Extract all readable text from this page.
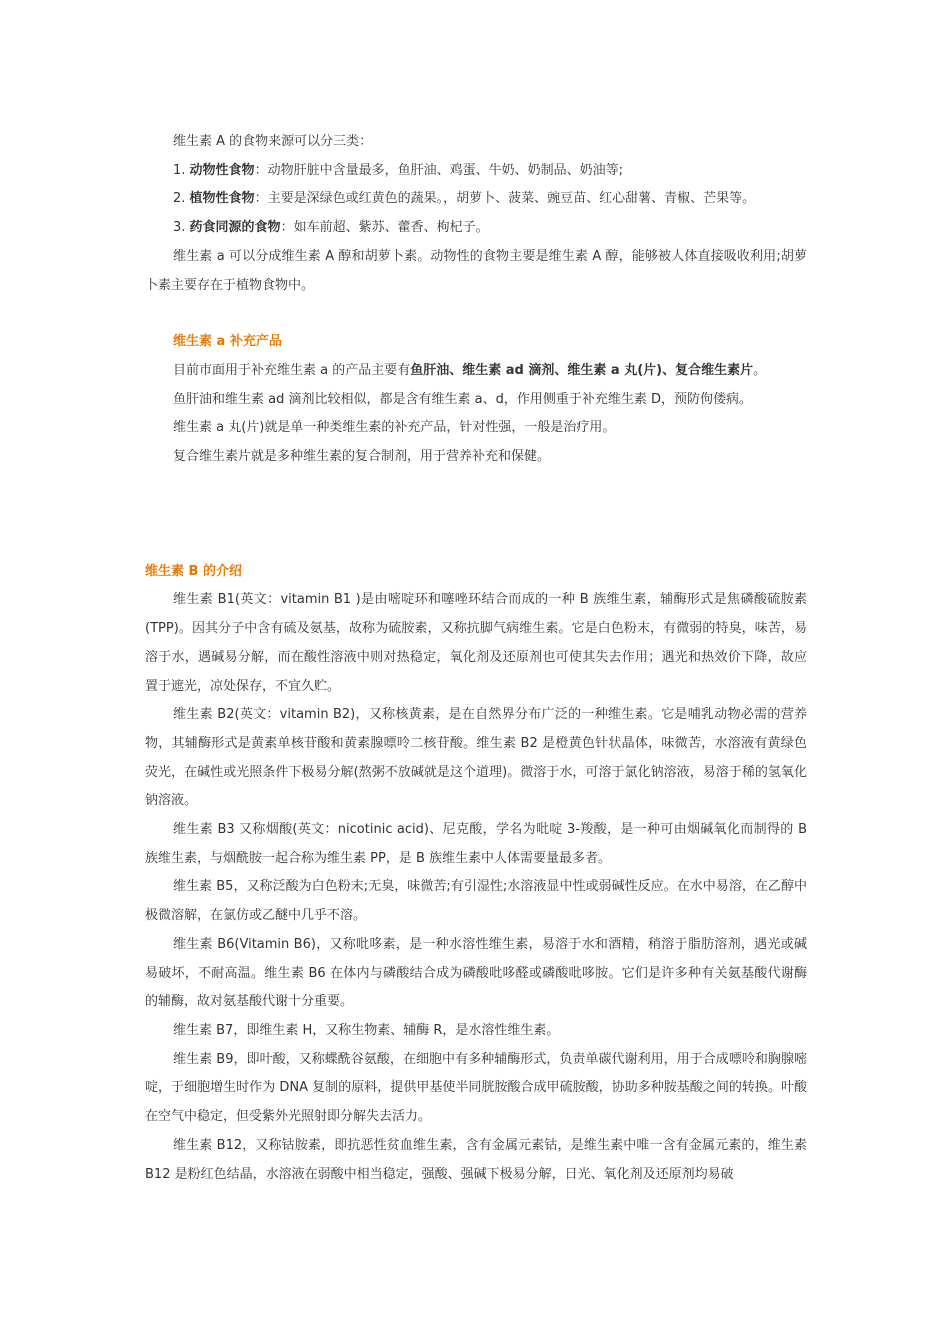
维生素 A 的食物来源可以分三类：

1. 动物性食物：动物肝脏中含量最多，鱼肝油、鸡蛋、牛奶、奶制品、奶油等;

2. 植物性食物：主要是深绿色或红黄色的蔬果。，胡萝卜、菠菜、豌豆苗、红心甜薯、青椒、芒果等。

3. 药食同源的食物：如车前超、紫苏、藿香、枸杞子。

维生素 a 可以分成维生素 A 醇和胡萝卜素。动物性的食物主要是维生素 A 醇，能够被人体直接吸收利用;胡萝卜素主要存在于植物食物中。

维生素 a 补充产品

目前市面用于补充维生素 a 的产品主要有鱼肝油、维生素 ad 滴剂、维生素 a 丸(片)、复合维生素片。

鱼肝油和维生素 ad 滴剂比较相似，都是含有维生素 a、d，作用侧重于补充维生素 D，预防佝偻病。

维生素 a 丸(片)就是单一种类维生素的补充产品，针对性强，一般是治疗用。

复合维生素片就是多种维生素的复合制剂，用于营养补充和保健。

维生素 B 的介绍

维生素 B1(英文：vitamin B1 )是由嘧啶环和噻唑环结合而成的一种 B 族维生素，辅酶形式是焦磷酸硫胺素(TPP)。因其分子中含有硫及氨基，故称为硫胺素，又称抗脚气病维生素。它是白色粉末，有微弱的特臭，味苦，易溶于水，遇碱易分解，而在酸性溶液中则对热稳定，氧化剂及还原剂也可使其失去作用；遇光和热效价下降，故应置于遮光，凉处保存，不宜久贮。

维生素 B2(英文：vitamin B2)，又称核黄素，是在自然界分布广泛的一种维生素。它是哺乳动物必需的营养物，其辅酶形式是黄素单核苷酸和黄素腺嘌呤二核苷酸。维生素 B2 是橙黄色针状晶体，味微苦，水溶液有黄绿色荧光，在碱性或光照条件下极易分解(熬粥不放碱就是这个道理)。微溶于水，可溶于氯化钠溶液，易溶于稀的氢氧化钠溶液。

维生素 B3 又称烟酸(英文：nicotinic acid)、尼克酸，学名为吡啶 3-羧酸，是一种可由烟碱氧化而制得的 B 族维生素，与烟酰胺一起合称为维生素 PP，是 B 族维生素中人体需要量最多者。

维生素 B5，又称泛酸为白色粉末;无臭，味微苦;有引湿性;水溶液显中性或弱碱性反应。在水中易溶，在乙醇中极微溶解，在氯仿或乙醚中几乎不溶。

维生素 B6(Vitamin B6)，又称吡哆素，是一种水溶性维生素，易溶于水和酒精，稍溶于脂肪溶剂，遇光或碱易破坏，不耐高温。维生素 B6 在体内与磷酸结合成为磷酸吡哆醛或磷酸吡哆胺。它们是许多种有关氨基酸代谢酶的辅酶，故对氨基酸代谢十分重要。

维生素 B7，即维生素 H，又称生物素、辅酶 R，是水溶性维生素。

维生素 B9，即叶酸，又称蝶酰谷氨酸，在细胞中有多种辅酶形式，负责单碳代谢利用，用于合成嘌呤和胸腺嘧啶，于细胞增生时作为 DNA 复制的原料，提供甲基使半同胱胺酸合成甲硫胺酸，协助多种胺基酸之间的转换。叶酸在空气中稳定，但受紫外光照射即分解失去活力。

维生素 B12，又称钴胺素，即抗恶性贫血维生素，含有金属元素钴，是维生素中唯一含有金属元素的，维生素 B12 是粉红色结晶，水溶液在弱酸中相当稳定，强酸、强碱下极易分解，日光、氧化剂及还原剂均易破
